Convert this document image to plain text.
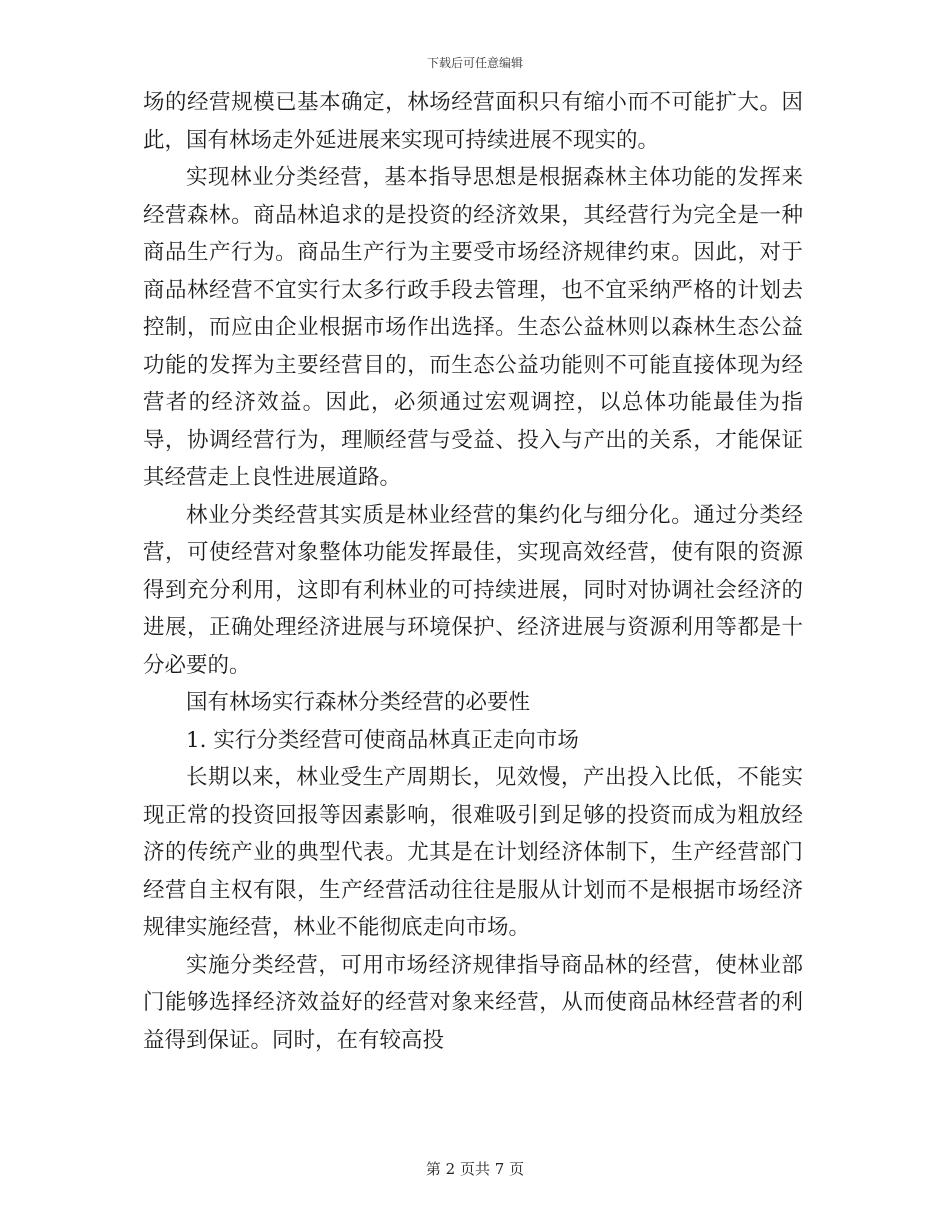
下载后可任意编辑

场的经营规模已基本确定，林场经营面积只有缩小而不可能扩大。因此，国有林场走外延进展来实现可持续进展不现实的。

实现林业分类经营，基本指导思想是根据森林主体功能的发挥来经营森林。商品林追求的是投资的经济效果，其经营行为完全是一种商品生产行为。商品生产行为主要受市场经济规律约束。因此，对于商品林经营不宜实行太多行政手段去管理，也不宜采纳严格的计划去控制，而应由企业根据市场作出选择。生态公益林则以森林生态公益功能的发挥为主要经营目的，而生态公益功能则不可能直接体现为经营者的经济效益。因此，必须通过宏观调控，以总体功能最佳为指导，协调经营行为，理顺经营与受益、投入与产出的关系，才能保证其经营走上良性进展道路。

林业分类经营其实质是林业经营的集约化与细分化。通过分类经营，可使经营对象整体功能发挥最佳，实现高效经营，使有限的资源得到充分利用，这即有利林业的可持续进展，同时对协调社会经济的进展，正确处理经济进展与环境保护、经济进展与资源利用等都是十分必要的。

国有林场实行森林分类经营的必要性

1. 实行分类经营可使商品林真正走向市场

长期以来，林业受生产周期长，见效慢，产出投入比低，不能实现正常的投资回报等因素影响，很难吸引到足够的投资而成为粗放经济的传统产业的典型代表。尤其是在计划经济体制下，生产经营部门经营自主权有限，生产经营活动往往是服从计划而不是根据市场经济规律实施经营，林业不能彻底走向市场。

实施分类经营，可用市场经济规律指导商品林的经营，使林业部门能够选择经济效益好的经营对象来经营，从而使商品林经营者的利益得到保证。同时，在有较高投

第 2 页共 7 页
